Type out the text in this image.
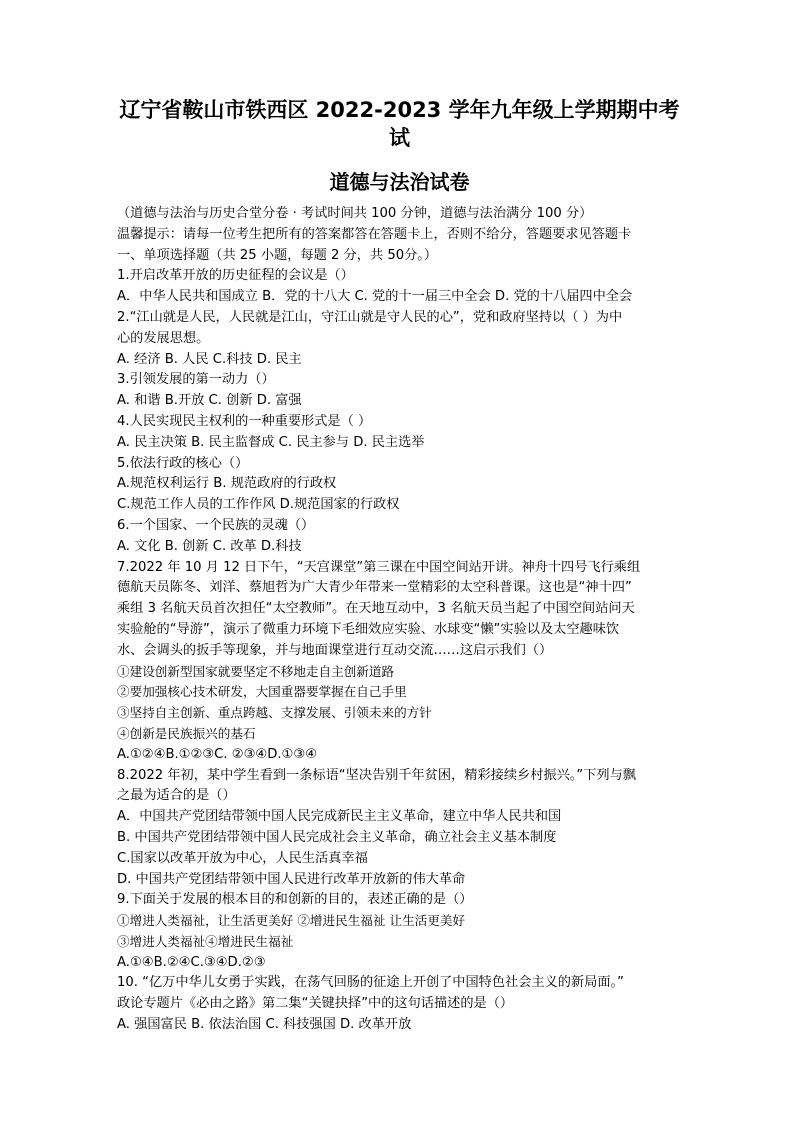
辽宁省鞍山市铁西区 2022-2023 学年九年级上学期期中考试
道德与法治试卷

（道德与法治与历史合堂分卷 · 考试时间共 100 分钟，道德与法治满分 100 分）

温馨提示：请每一位考生把所有的答案都答在答题卡上，否则不给分，答题要求见答题卡

一、单项选择题（共 25 小题，每题 2 分，共 50分。）

1.开启改革开放的历史征程的会议是（）

A．中华人民共和国成立 B．党的十八大 C. 党的十一届三中全会 D. 党的十八届四中全会

2.“江山就是人民，人民就是江山，守江山就是守人民的心”，党和政府坚持以（ ）为中

心的发展思想。

A. 经济 B. 人民 C.科技 D. 民主

3.引领发展的第一动力（）

A. 和谐 B.开放 C. 创新 D. 富强

4.人民实现民主权利的一种重要形式是（ ）

A. 民主决策 B. 民主监督成 C. 民主参与 D. 民主选举

5.依法行政的核心（）

A.规范权利运行 B. 规范政府的行政权

C.规范工作人员的工作作风 D.规范国家的行政权

6.一个国家、一个民族的灵魂（）

A. 文化 B. 创新 C. 改革 D.科技

7.2022 年 10 月 12 日下午，“天宫课堂”第三课在中国空间站开讲。神舟十四号飞行乘组

德航天员陈冬、刘洋、蔡旭哲为广大青少年带来一堂精彩的太空科普课。这也是“神十四”

乘组 3 名航天员首次担任“太空教师”。在天地互动中，3 名航天员当起了中国空间站问天

实验舱的“导游”，演示了微重力环境下毛细效应实验、水球变“懒”实验以及太空趣味饮

水、会调头的扳手等现象，并与地面课堂进行互动交流……这启示我们（）

①建设创新型国家就要坚定不移地走自主创新道路

②要加强核心技术研发，大国重器要掌握在自己手里

③坚持自主创新、重点跨越、支撑发展、引领未来的方针

④创新是民族振兴的基石

A.①②④B.①②③C. ②③④D.①③④

8.2022 年初，某中学生看到一条标语“坚决告别千年贫困，精彩接续乡村振兴。”下列与飘

之最为适合的是（）

A．中国共产党团结带领中国人民完成新民主主义革命，建立中华人民共和国

B. 中国共产党团结带领中国人民完成社会主义革命，确立社会主义基本制度

C.国家以改革开放为中心，人民生活真幸福

D. 中国共产党团结带领中国人民进行改革开放新的伟大革命

9.下面关于发展的根本目的和创新的目的，表述正确的是（）

①增进人类福祉，让生活更美好 ②增进民生福祉 让生活更美好

③增进人类福祉④增进民生福祉

A.①④B.②④C.③④D.②③

10. “亿万中华儿女勇于实践，在荡气回肠的征途上开创了中国特色社会主义的新局面。”

政论专题片《必由之路》第二集“关键抉择”中的这句话描述的是（）

A. 强国富民 B. 依法治国 C. 科技强国 D. 改革开放
